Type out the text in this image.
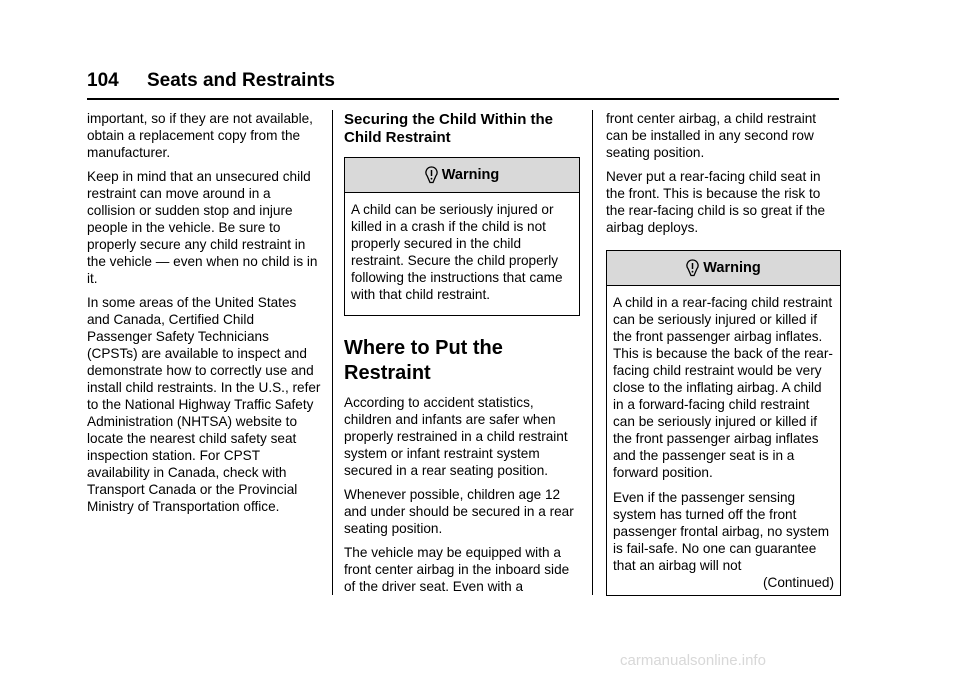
104 Seats and Restraints

important, so if they are not available, obtain a replacement copy from the manufacturer.

Keep in mind that an unsecured child restraint can move around in a collision or sudden stop and injure people in the vehicle. Be sure to properly secure any child restraint in the vehicle — even when no child is in it.

In some areas of the United States and Canada, Certified Child Passenger Safety Technicians (CPSTs) are available to inspect and demonstrate how to correctly use and install child restraints. In the U.S., refer to the National Highway Traffic Safety Administration (NHTSA) website to locate the nearest child safety seat inspection station. For CPST availability in Canada, check with Transport Canada or the Provincial Ministry of Transportation office.

Securing the Child Within the Child Restraint
Warning

A child can be seriously injured or killed in a crash if the child is not properly secured in the child restraint. Secure the child properly following the instructions that came with that child restraint.

Where to Put the Restraint

According to accident statistics, children and infants are safer when properly restrained in a child restraint system or infant restraint system secured in a rear seating position.

Whenever possible, children age 12 and under should be secured in a rear seating position.

The vehicle may be equipped with a front center airbag in the inboard side of the driver seat. Even with a

front center airbag, a child restraint can be installed in any second row seating position.

Never put a rear-facing child seat in the front. This is because the risk to the rear-facing child is so great if the airbag deploys.

Warning

A child in a rear-facing child restraint can be seriously injured or killed if the front passenger airbag inflates. This is because the back of the rear-facing child restraint would be very close to the inflating airbag. A child in a forward-facing child restraint can be seriously injured or killed if the front passenger airbag inflates and the passenger seat is in a forward position.

Even if the passenger sensing system has turned off the front passenger frontal airbag, no system is fail-safe. No one can guarantee that an airbag will not

(Continued)
carmanualsonline.info
